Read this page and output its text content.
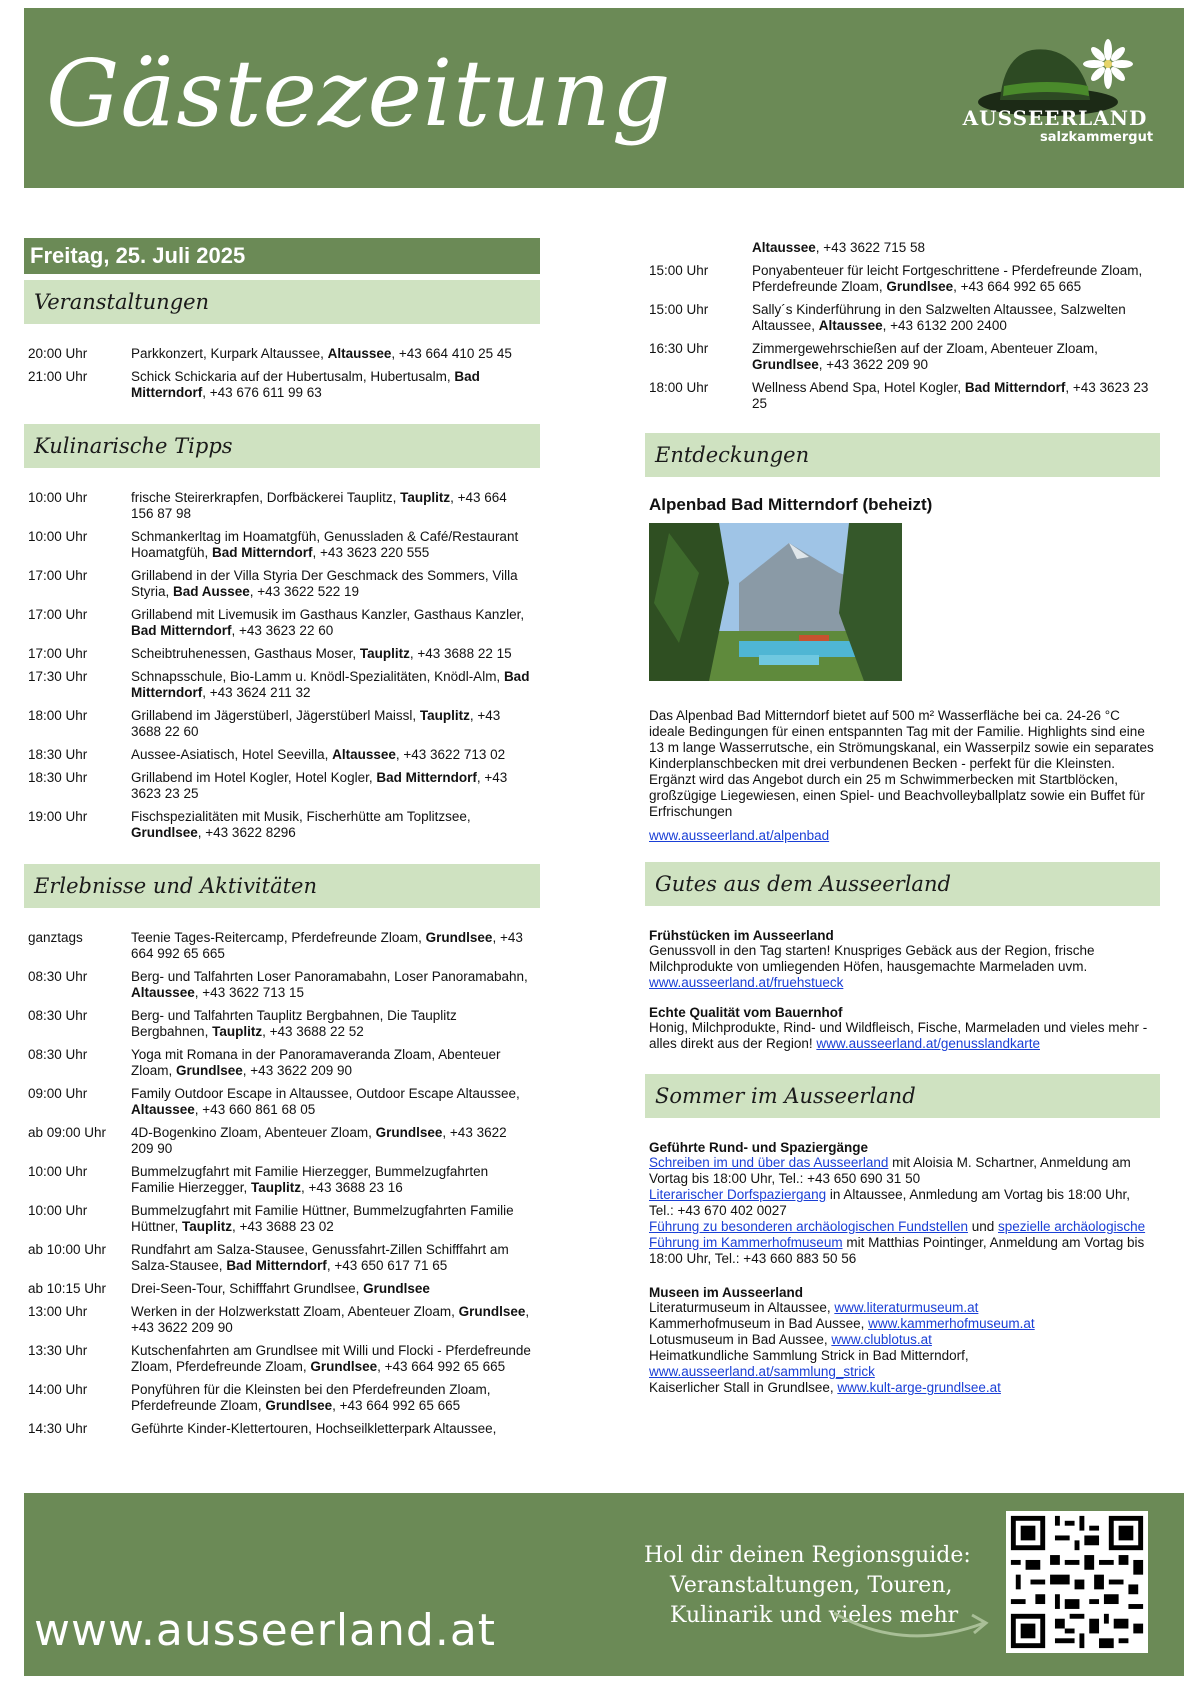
Gästezeitung	AUSSEERLAND
salzkammergut
Freitag, 25. Juli 2025
Veranstaltungen
20:00 Uhr	Parkkonzert, Kurpark Altaussee, Altaussee, +43 664 410 25 45
21:00 Uhr	Schick Schickaria auf der Hubertusalm, Hubertusalm, Bad Mitterndorf, +43 676 611 99 63
Kulinarische Tipps
10:00 Uhr	frische Steirerkrapfen, Dorfbäckerei Tauplitz, Tauplitz, +43 664 156 87 98
10:00 Uhr	Schmankerltag im Hoamatgfüh, Genussladen & Café/Restaurant Hoamatgfüh, Bad Mitterndorf, +43 3623 220 555
17:00 Uhr	Grillabend in der Villa Styria Der Geschmack des Sommers, Villa Styria, Bad Aussee, +43 3622 522 19
17:00 Uhr	Grillabend mit Livemusik im Gasthaus Kanzler, Gasthaus Kanzler, Bad Mitterndorf, +43 3623 22 60
17:00 Uhr	Scheibtruhenessen, Gasthaus Moser, Tauplitz, +43 3688 22 15
17:30 Uhr	Schnapsschule, Bio-Lamm u. Knödl-Spezialitäten, Knödl-Alm, Bad Mitterndorf, +43 3624 211 32
18:00 Uhr	Grillabend im Jägerstüberl, Jägerstüberl Maissl, Tauplitz, +43 3688 22 60
18:30 Uhr	Aussee-Asiatisch, Hotel Seevilla, Altaussee, +43 3622 713 02
18:30 Uhr	Grillabend im Hotel Kogler, Hotel Kogler, Bad Mitterndorf, +43 3623 23 25
19:00 Uhr	Fischspezialitäten mit Musik, Fischerhütte am Toplitzsee, Grundlsee, +43 3622 8296
Erlebnisse und Aktivitäten
ganztags	Teenie Tages-Reitercamp, Pferdefreunde Zloam, Grundlsee, +43 664 992 65 665
08:30 Uhr	Berg- und Talfahrten Loser Panoramabahn, Loser Panoramabahn, Altaussee, +43 3622 713 15
08:30 Uhr	Berg- und Talfahrten Tauplitz Bergbahnen, Die Tauplitz Bergbahnen, Tauplitz, +43 3688 22 52
08:30 Uhr	Yoga mit Romana in der Panoramaveranda Zloam, Abenteuer Zloam, Grundlsee, +43 3622 209 90
09:00 Uhr	Family Outdoor Escape in Altaussee, Outdoor Escape Altaussee, Altaussee, +43 660 861 68 05
ab 09:00 Uhr	4D-Bogenkino Zloam, Abenteuer Zloam, Grundlsee, +43 3622 209 90
10:00 Uhr	Bummelzugfahrt mit Familie Hierzegger, Bummelzugfahrten Familie Hierzegger, Tauplitz, +43 3688 23 16
10:00 Uhr	Bummelzugfahrt mit Familie Hüttner, Bummelzugfahrten Familie Hüttner, Tauplitz, +43 3688 23 02
ab 10:00 Uhr	Rundfahrt am Salza-Stausee, Genussfahrt-Zillen Schifffahrt am Salza-Stausee, Bad Mitterndorf, +43 650 617 71 65
ab 10:15 Uhr	Drei-Seen-Tour, Schifffahrt Grundlsee, Grundlsee
13:00 Uhr	Werken in der Holzwerkstatt Zloam, Abenteuer Zloam, Grundlsee, +43 3622 209 90
13:30 Uhr	Kutschenfahrten am Grundlsee mit Willi und Flocki - Pferdefreunde Zloam, Pferdefreunde Zloam, Grundlsee, +43 664 992 65 665
14:00 Uhr	Ponyführen für die Kleinsten bei den Pferdefreunden Zloam, Pferdefreunde Zloam, Grundlsee, +43 664 992 65 665
14:30 Uhr	Geführte Kinder-Klettertouren, Hochseilkletterpark Altaussee,
Altaussee, +43 3622 715 58
15:00 Uhr	Ponyabenteuer für leicht Fortgeschrittene - Pferdefreunde Zloam, Pferdefreunde Zloam, Grundlsee, +43 664 992 65 665
15:00 Uhr	Sally´s Kinderführung in den Salzwelten Altaussee, Salzwelten Altaussee, Altaussee, +43 6132 200 2400
16:30 Uhr	Zimmergewehrschießen auf der Zloam, Abenteuer Zloam, Grundlsee, +43 3622 209 90
18:00 Uhr	Wellness Abend Spa, Hotel Kogler, Bad Mitterndorf, +43 3623 23 25
Entdeckungen
Alpenbad Bad Mitterndorf (beheizt)
Das Alpenbad Bad Mitterndorf bietet auf 500 m² Wasserfläche bei ca. 24-26 °C ideale Bedingungen für einen entspannten Tag mit der Familie. Highlights sind eine 13 m lange Wasserrutsche, ein Strömungskanal, ein Wasserpilz sowie ein separates Kinderplanschbecken mit drei verbundenen Becken - perfekt für die Kleinsten. Ergänzt wird das Angebot durch ein 25 m Schwimmerbecken mit Startblöcken, großzügige Liegewiesen, einen Spiel- und Beachvolleyballplatz sowie ein Buffet für Erfrischungen
www.ausseerland.at/alpenbad
Gutes aus dem Ausseerland
Frühstücken im Ausseerland
Genussvoll in den Tag starten! Knuspriges Gebäck aus der Region, frische Milchprodukte von umliegenden Höfen, hausgemachte Marmeladen uvm.
www.ausseerland.at/fruehstueck
Echte Qualität vom Bauernhof
Honig, Milchprodukte, Rind- und Wildfleisch, Fische, Marmeladen und vieles mehr - alles direkt aus der Region! www.ausseerland.at/genusslandkarte
Sommer im Ausseerland
Geführte Rund- und Spaziergänge
Schreiben im und über das Ausseerland mit Aloisia M. Schartner, Anmeldung am Vortag bis 18:00 Uhr, Tel.: +43 650 690 31 50
Literarischer Dorfspaziergang in Altaussee, Anmledung am Vortag bis 18:00 Uhr, Tel.: +43 670 402 0027
Führung zu besonderen archäologischen Fundstellen und spezielle archäologische Führung im Kammerhofmuseum mit Matthias Pointinger, Anmeldung am Vortag bis 18:00 Uhr, Tel.: +43 660 883 50 56
Museen im Ausseerland
Literaturmuseum in Altaussee, www.literaturmuseum.at
Kammerhofmuseum in Bad Aussee, www.kammerhofmuseum.at
Lotusmuseum in Bad Aussee, www.clublotus.at
Heimatkundliche Sammlung Strick in Bad Mitterndorf,
www.ausseerland.at/sammlung_strick
Kaiserlicher Stall in Grundlsee, www.kult-arge-grundlsee.at
www.ausseerland.at
Hol dir deinen Regionsguide:
Veranstaltungen, Touren,
Kulinarik und vieles mehr
